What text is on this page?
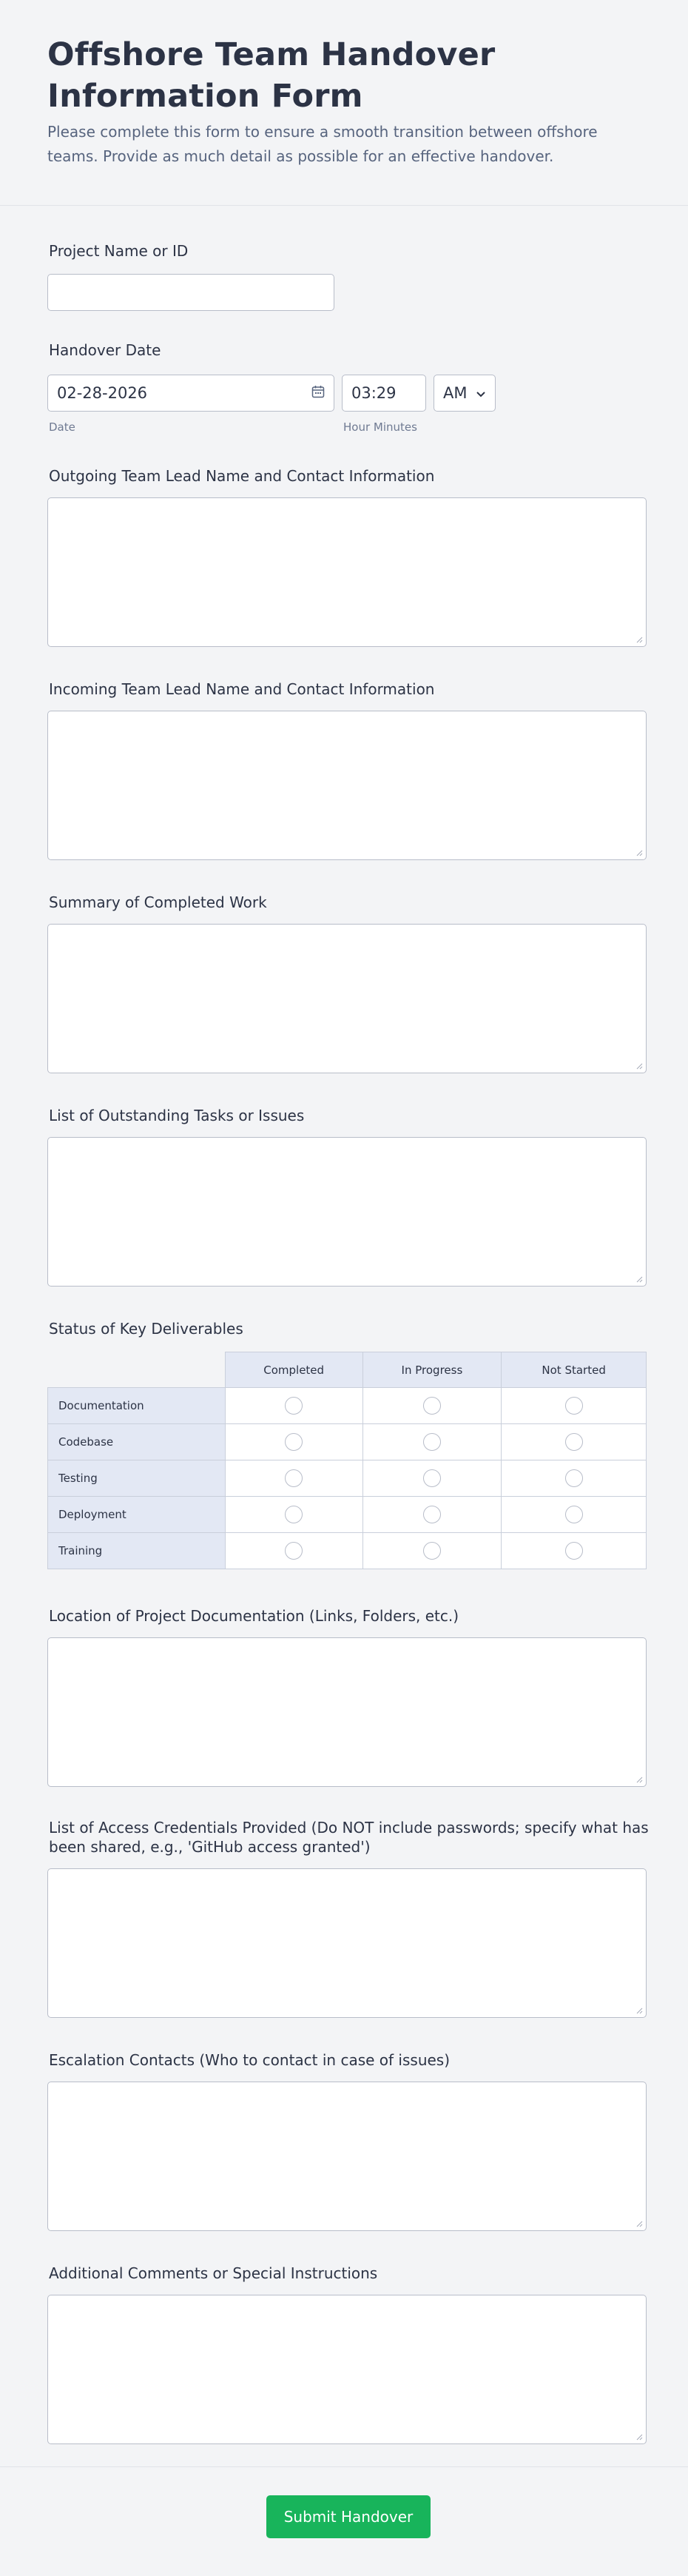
Offshore Team Handover Information Form

Please complete this form to ensure a smooth transition between offshore teams. Provide as much detail as possible for an effective handover.

Project Name or ID
Handover Date
02-28-2026	03:29	AM
Date	Hour Minutes
Outgoing Team Lead Name and Contact Information
Incoming Team Lead Name and Contact Information
Summary of Completed Work
List of Outstanding Tasks or Issues
Status of Key Deliverables
	Completed	In Progress	Not Started
Documentation			
Codebase			
Testing			
Deployment			
Training			
Location of Project Documentation (Links, Folders, etc.)
List of Access Credentials Provided (Do NOT include passwords; specify what has been shared, e.g., 'GitHub access granted')
Escalation Contacts (Who to contact in case of issues)
Additional Comments or Special Instructions
Submit Handover
